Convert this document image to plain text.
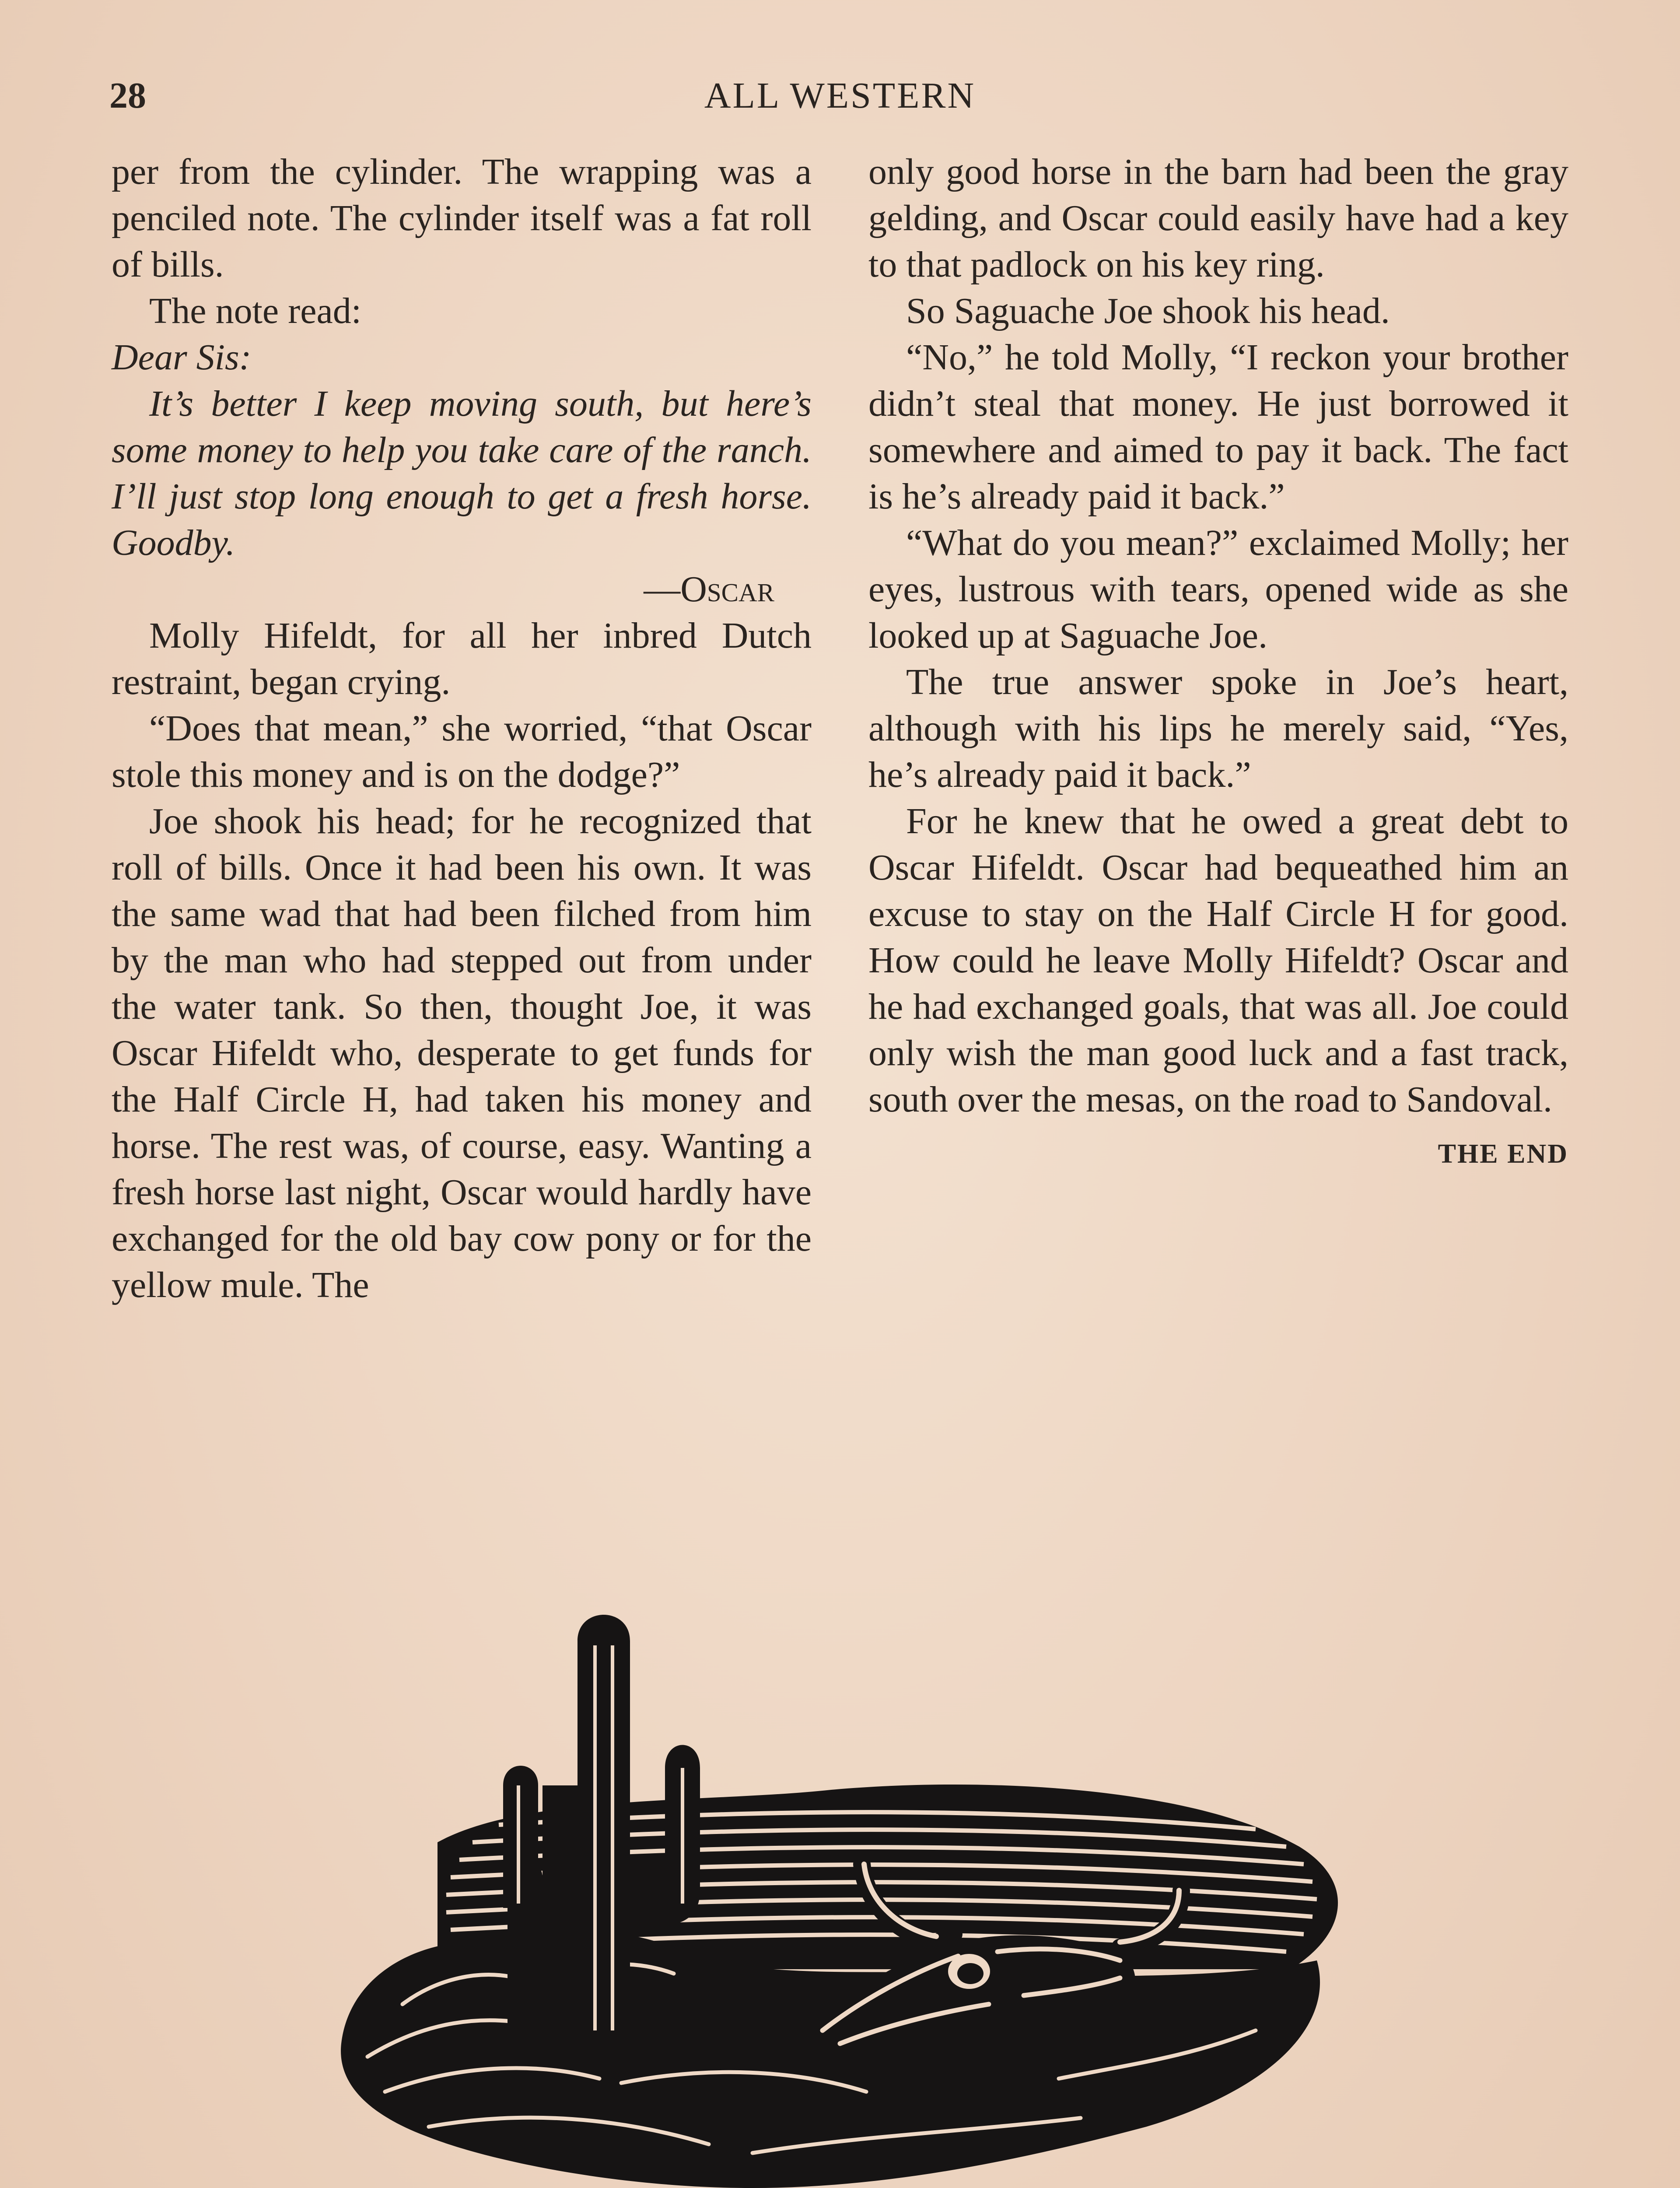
28	ALL WESTERN

per from the cylinder. The wrapping was a penciled note. The cylinder itself was a fat roll of bills.

The note read:

Dear Sis:

It’s better I keep moving south, but here’s some money to help you take care of the ranch. I’ll just stop long enough to get a fresh horse. Goodby.

—Oscar

Molly Hifeldt, for all her inbred Dutch restraint, began crying.

“Does that mean,” she worried, “that Oscar stole this money and is on the dodge?”

Joe shook his head; for he recognized that roll of bills. Once it had been his own. It was the same wad that had been filched from him by the man who had stepped out from under the water tank. So then, thought Joe, it was Oscar Hifeldt who, desperate to get funds for the Half Circle H, had taken his money and horse. The rest was, of course, easy. Wanting a fresh horse last night, Oscar would hardly have exchanged for the old bay cow pony or for the yellow mule. The

only good horse in the barn had been the gray gelding, and Oscar could easily have had a key to that padlock on his key ring.

So Saguache Joe shook his head.

“No,” he told Molly, “I reckon your brother didn’t steal that money. He just borrowed it somewhere and aimed to pay it back. The fact is he’s already paid it back.”

“What do you mean?” exclaimed Molly; her eyes, lustrous with tears, opened wide as she looked up at Saguache Joe.

The true answer spoke in Joe’s heart, although with his lips he merely said, “Yes, he’s already paid it back.”

For he knew that he owed a great debt to Oscar Hifeldt. Oscar had bequeathed him an excuse to stay on the Half Circle H for good. How could he leave Molly Hifeldt? Oscar and he had exchanged goals, that was all. Joe could only wish the man good luck and a fast track, south over the mesas, on the road to Sandoval.

THE END
